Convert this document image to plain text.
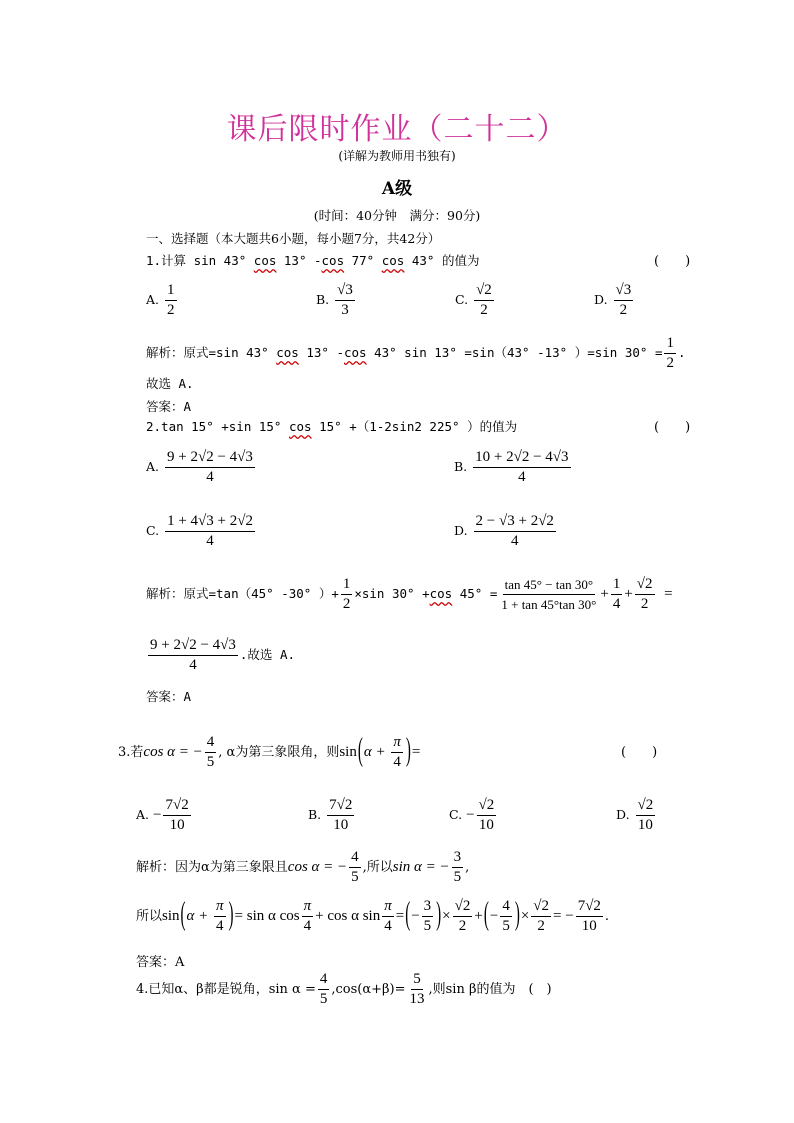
课后限时作业（二十二）
(详解为教师用书独有)
A级
(时间：40分钟　满分：90分)
一、选择题（本大题共6小题，每小题7分，共42分）
1.计算 sin 43° cos 13° -cos 77° cos 43° 的值为	(　　)
A. $\frac{1}{2}$	B. $\frac{√3}{3}$	C. $\frac{√2}{2}$	D. $\frac{√3}{2}$
解析：原式=sin 43° cos 13° -cos 43° sin 13° =sin（43° -13° ）=sin $30^\circ = \frac{1}{2}$ .
故选 A.
答案：A
2.tan 15° +sin 15° cos 15° +（1-2sin2 225° ）的值为	(　　)
A. $\frac{9 + 2√2 - 4√3}{4}$	B. $\frac{10 + 2√2 - 4√3}{4}$
C. $\frac{1 + 4√3 + 2√2}{4}$	D. $\frac{2 - √3 + 2√2}{4}$
解析：原式=tan（45° -30° ）+ $\frac{1}{2} \times\sin$ 30° +cos $45^\circ = \frac{\tan 45^\circ - \tan 30^\circ}{1 + \tan 45^\circ\tan 30^\circ} + \frac{1}{4} + \frac{√2}{2}$ =
$\frac{9 + 2√2 - 4√3}{4}$ .故选 A.
答案：A
3.若cos α = − $\frac{4}{5}$ , α为第三象限角，则$\sin(\alpha + \frac{\pi}{4}$ )=	(　　)
A. − $\frac{7√2}{10}$	B. $\frac{7√2}{10}$	C. − $\frac{√2}{10}$	D. $\frac{√2}{10}$
解析：因为α为第三象限且cos α = − $\frac{4}{5}$ ,所以sin α = − $\frac{3}{5}$ ,
所以$\sin(\alpha + \frac{\pi}{4}$ )= sin α $\cos \frac{\pi}{4} + \cos \alpha$ $\sin \frac{\pi}{4}$ =(− $\frac{3}{5}$ )× $\frac{√2}{2}$ +(− $\frac{4}{5}$ )× $\frac{√2}{2}$ = − $\frac{7√2}{10}$ .
答案：A
4.已知α、β都是锐角，$\sin \alpha = \frac{4}{5} ,\cos(\alpha+\beta)= \frac{5}{13}$ ,则sin β的值为　 (　)
